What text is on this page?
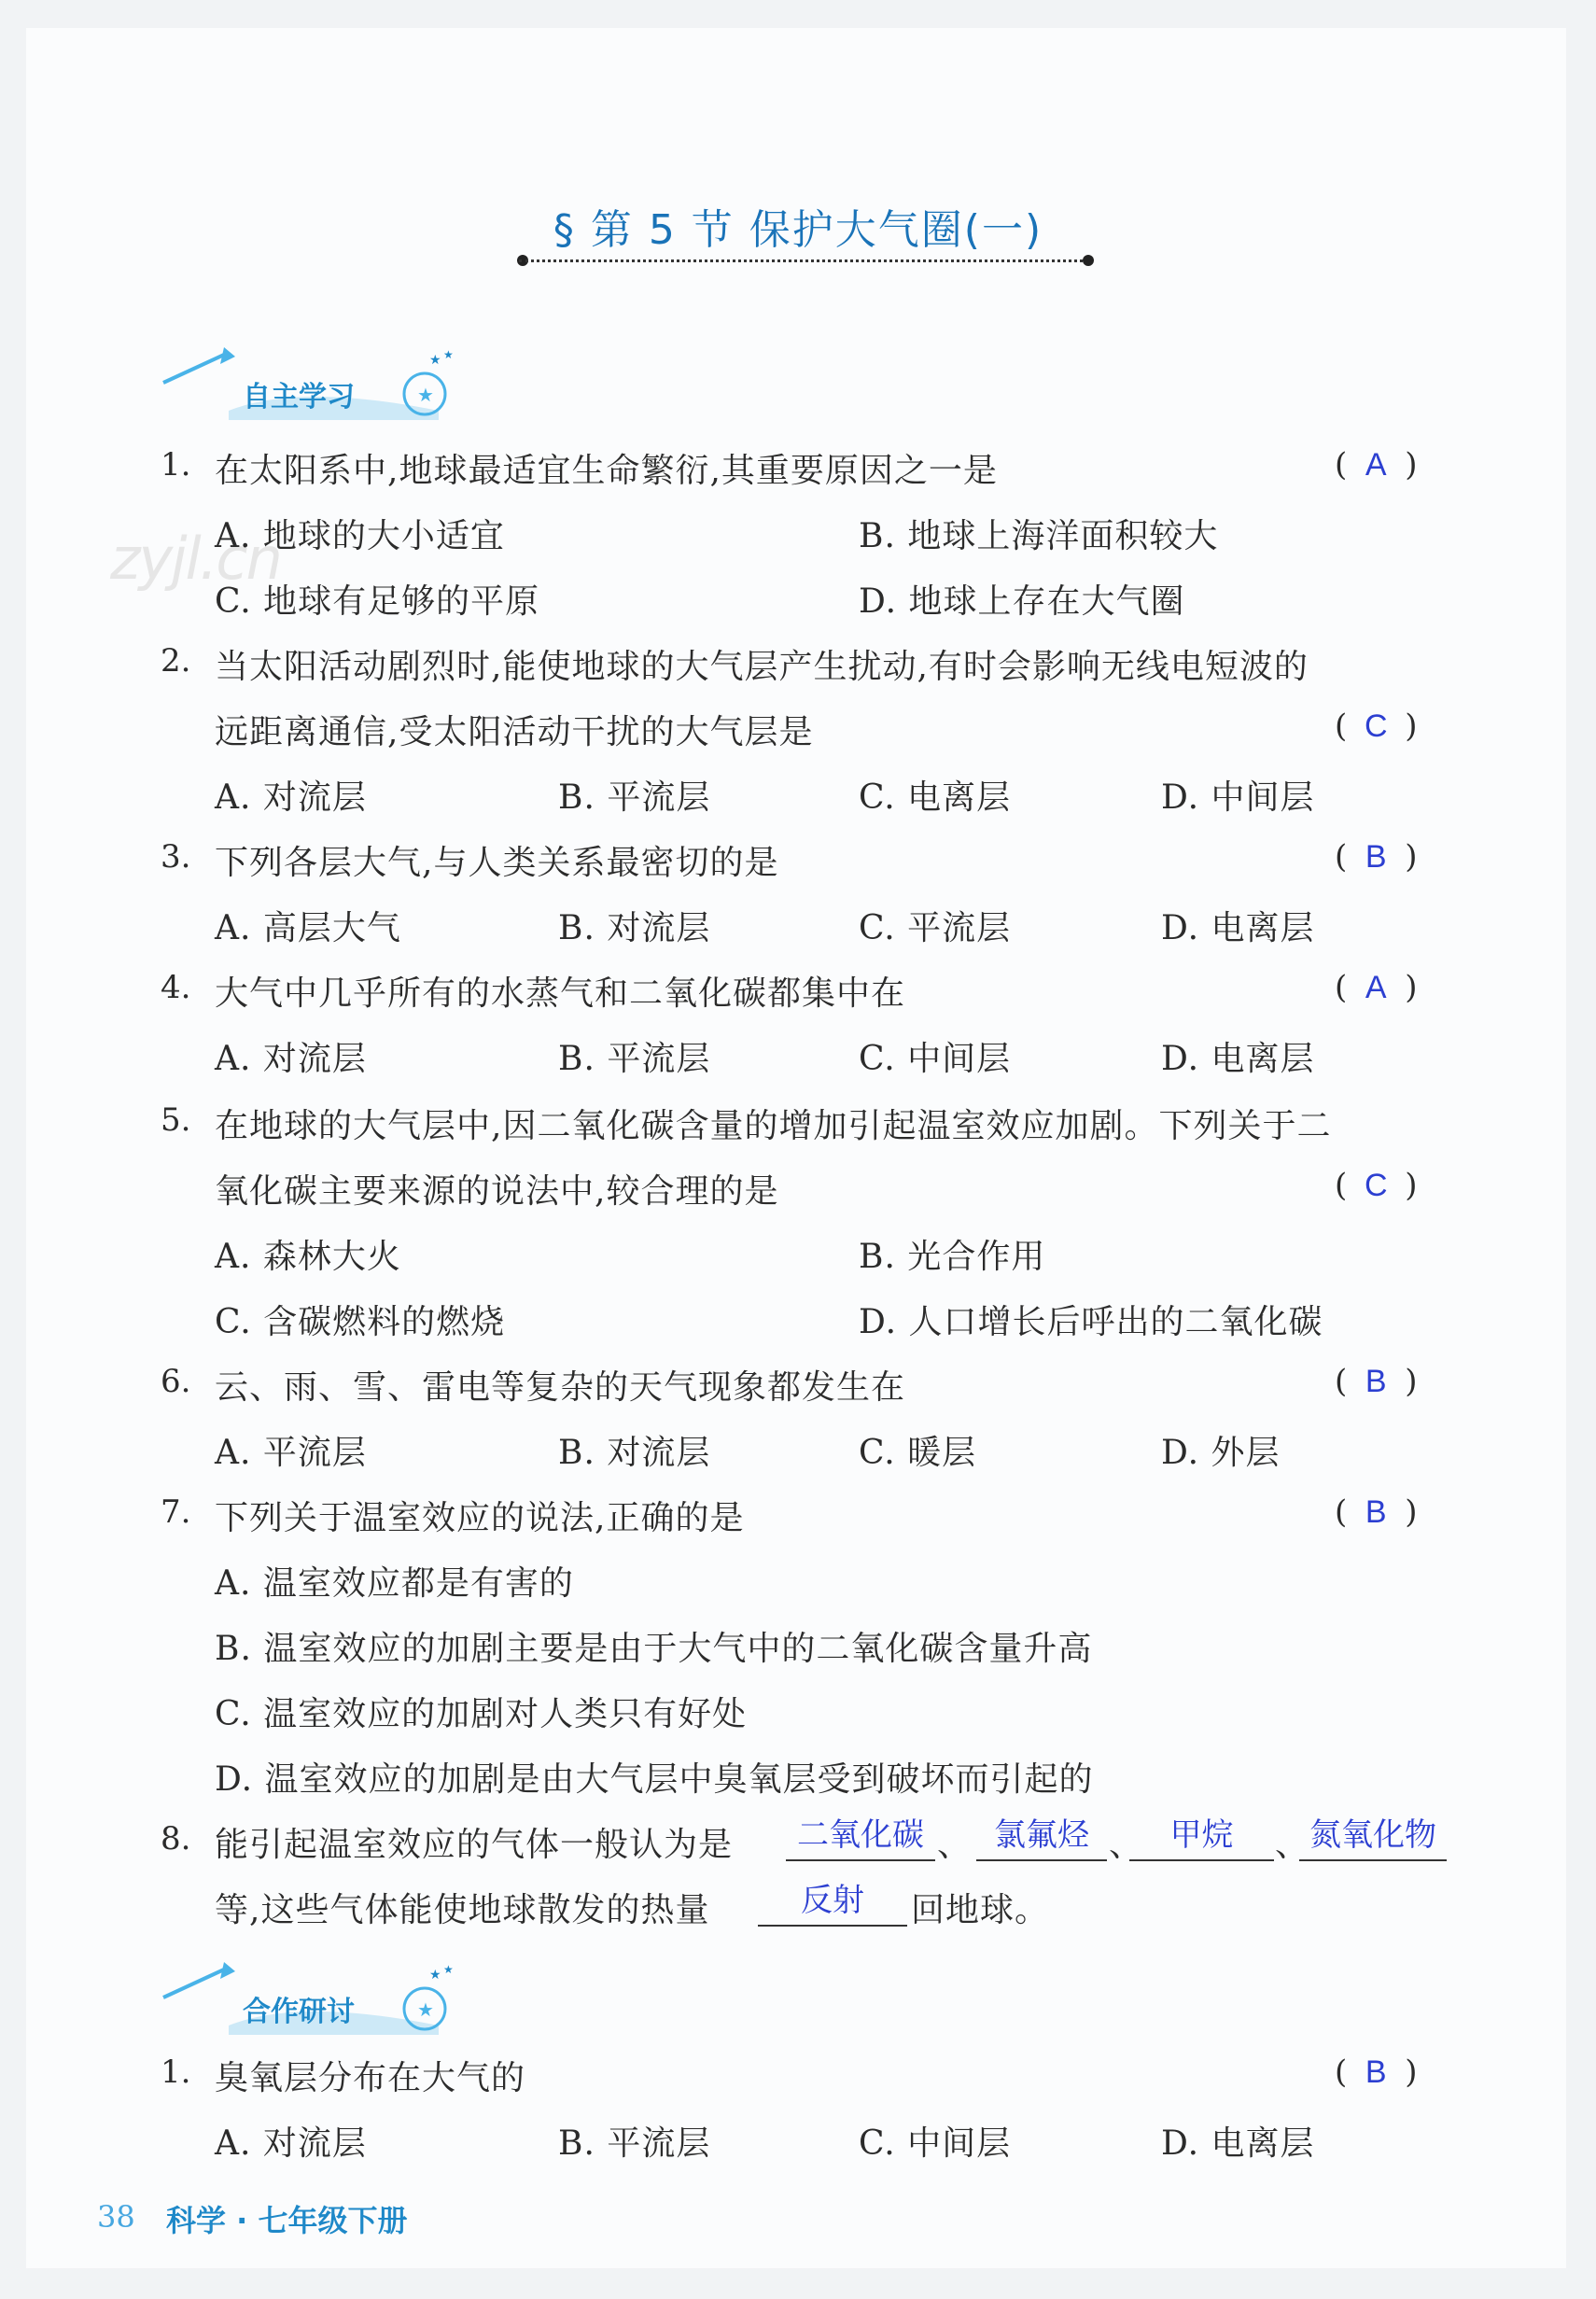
§ 第 5 节 保护大气圈(一)
zyjl.cn
★
★ ★
自主学习
1. 在太阳系中,地球最适宜生命繁衍,其重要原因之一是	( A )
A. 地球的大小适宜	B. 地球上海洋面积较大
C. 地球有足够的平原	D. 地球上存在大气圈
2. 当太阳活动剧烈时,能使地球的大气层产生扰动,有时会影响无线电短波的
远距离通信,受太阳活动干扰的大气层是	( C )
A. 对流层	B. 平流层	C. 电离层	D. 中间层
3. 下列各层大气,与人类关系最密切的是	( B )
A. 高层大气	B. 对流层	C. 平流层	D. 电离层
4. 大气中几乎所有的水蒸气和二氧化碳都集中在	( A )
A. 对流层	B. 平流层	C. 中间层	D. 电离层
5. 在地球的大气层中,因二氧化碳含量的增加引起温室效应加剧。下列关于二
氧化碳主要来源的说法中,较合理的是	( C )
A. 森林大火	B. 光合作用
C. 含碳燃料的燃烧	D. 人口增长后呼出的二氧化碳
6. 云、雨、雪、雷电等复杂的天气现象都发生在	( B )
A. 平流层	B. 对流层	C. 暖层	D. 外层
7. 下列关于温室效应的说法,正确的是	( B )
A. 温室效应都是有害的
B. 温室效应的加剧主要是由于大气中的二氧化碳含量升高
C. 温室效应的加剧对人类只有好处
D. 温室效应的加剧是由大气层中臭氧层受到破坏而引起的
8. 能引起温室效应的气体一般认为是	二氧化碳 、 氯氟烃 、 甲烷	、 氮氧化物
等,这些气体能使地球散发的热量	反射	回地球。
★
★ ★
合作研讨
1. 臭氧层分布在大气的	( B )
A. 对流层	B. 平流层	C. 中间层	D. 电离层
38 科学 · 七年级下册
